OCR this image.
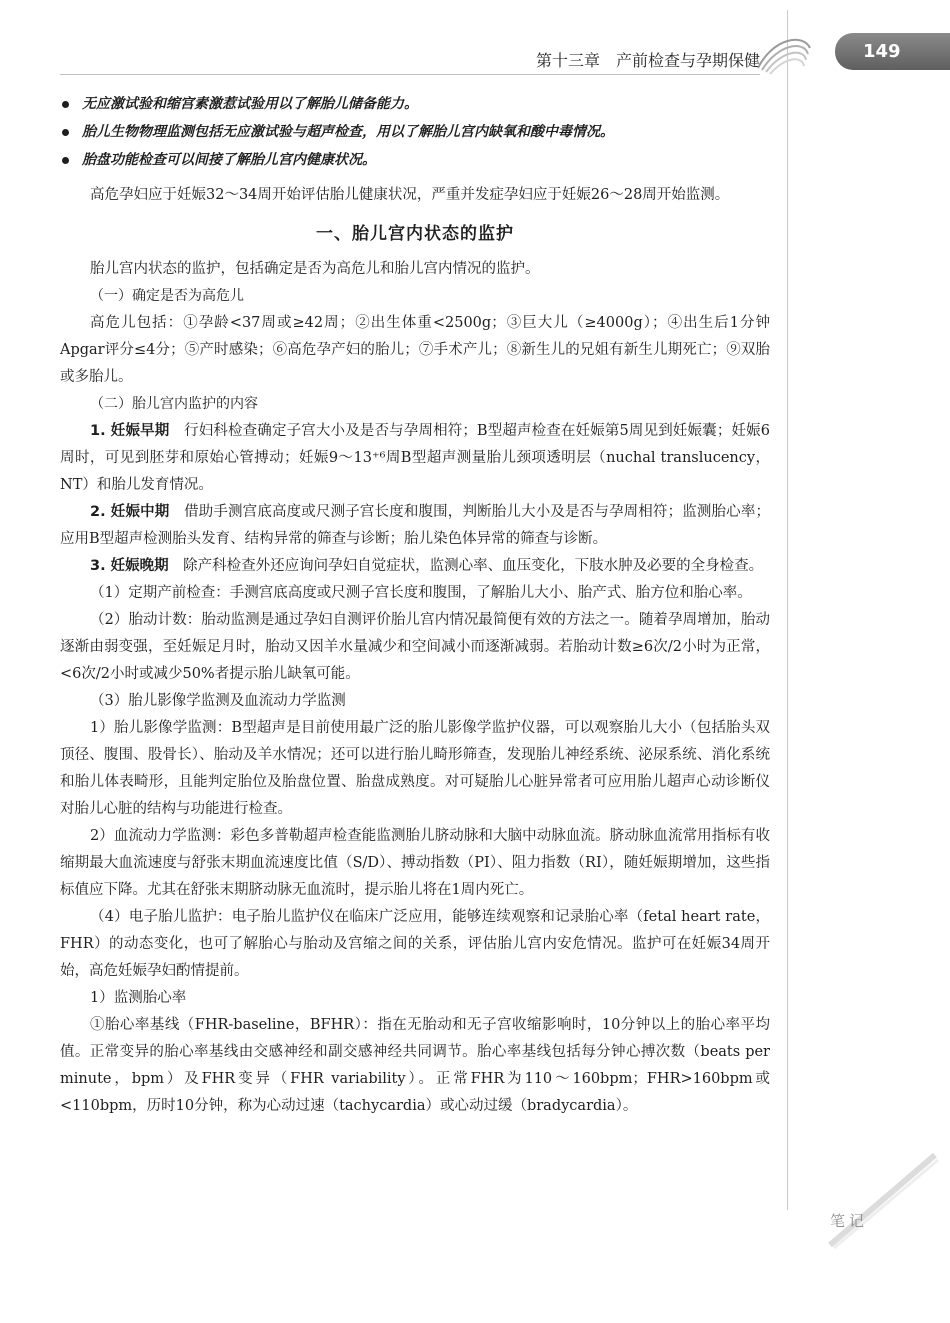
第十三章　产前检查与孕期保健	149
无应激试验和缩宫素激惹试验用以了解胎儿储备能力。
胎儿生物物理监测包括无应激试验与超声检查，用以了解胎儿宫内缺氧和酸中毒情况。
胎盘功能检查可以间接了解胎儿宫内健康状况。

高危孕妇应于妊娠32～34周开始评估胎儿健康状况，严重并发症孕妇应于妊娠26～28周开始监测。

一、胎儿宫内状态的监护

胎儿宫内状态的监护，包括确定是否为高危儿和胎儿宫内情况的监护。

（一）确定是否为高危儿

高危儿包括：①孕龄<37周或≥42周；②出生体重<2500g；③巨大儿（≥4000g）；④出生后1分钟Apgar评分≤4分；⑤产时感染；⑥高危孕产妇的胎儿；⑦手术产儿；⑧新生儿的兄姐有新生儿期死亡；⑨双胎或多胎儿。

（二）胎儿宫内监护的内容

1. 妊娠早期　 行妇科检查确定子宫大小及是否与孕周相符；B型超声检查在妊娠第5周见到妊娠囊；妊娠6周时，可见到胚芽和原始心管搏动；妊娠9～13⁺⁶周B型超声测量胎儿颈项透明层（nuchal translucency，NT）和胎儿发育情况。

2. 妊娠中期　 借助手测宫底高度或尺测子宫长度和腹围，判断胎儿大小及是否与孕周相符；监测胎心率；应用B型超声检测胎头发育、结构异常的筛查与诊断；胎儿染色体异常的筛查与诊断。

3. 妊娠晚期　 除产科检查外还应询问孕妇自觉症状，监测心率、血压变化，下肢水肿及必要的全身检查。

（1）定期产前检查：手测宫底高度或尺测子宫长度和腹围，了解胎儿大小、胎产式、胎方位和胎心率。

（2）胎动计数：胎动监测是通过孕妇自测评价胎儿宫内情况最简便有效的方法之一。随着孕周增加，胎动逐渐由弱变强，至妊娠足月时，胎动又因羊水量减少和空间减小而逐渐减弱。若胎动计数≥6次/2小时为正常，<6次/2小时或减少50%者提示胎儿缺氧可能。

（3）胎儿影像学监测及血流动力学监测

1）胎儿影像学监测：B型超声是目前使用最广泛的胎儿影像学监护仪器，可以观察胎儿大小（包括胎头双顶径、腹围、股骨长）、胎动及羊水情况；还可以进行胎儿畸形筛查，发现胎儿神经系统、泌尿系统、消化系统和胎儿体表畸形，且能判定胎位及胎盘位置、胎盘成熟度。对可疑胎儿心脏异常者可应用胎儿超声心动诊断仪对胎儿心脏的结构与功能进行检查。

2）血流动力学监测：彩色多普勒超声检查能监测胎儿脐动脉和大脑中动脉血流。脐动脉血流常用指标有收缩期最大血流速度与舒张末期血流速度比值（S/D）、搏动指数（PI）、阻力指数（RI），随妊娠期增加，这些指标值应下降。尤其在舒张末期脐动脉无血流时，提示胎儿将在1周内死亡。

（4）电子胎儿监护：电子胎儿监护仪在临床广泛应用，能够连续观察和记录胎心率（fetal heart rate，FHR）的动态变化，也可了解胎心与胎动及宫缩之间的关系，评估胎儿宫内安危情况。监护可在妊娠34周开始，高危妊娠孕妇酌情提前。

1）监测胎心率

①胎心率基线（FHR-baseline，BFHR）：指在无胎动和无子宫收缩影响时，10分钟以上的胎心率平均值。正常变异的胎心率基线由交感神经和副交感神经共同调节。胎心率基线包括每分钟心搏次数（beats per minute，bpm）及FHR变异（FHR variability）。正常FHR为110～160bpm；FHR>160bpm或<110bpm，历时10分钟，称为心动过速（tachycardia）或心动过缓（bradycardia）。

笔记
